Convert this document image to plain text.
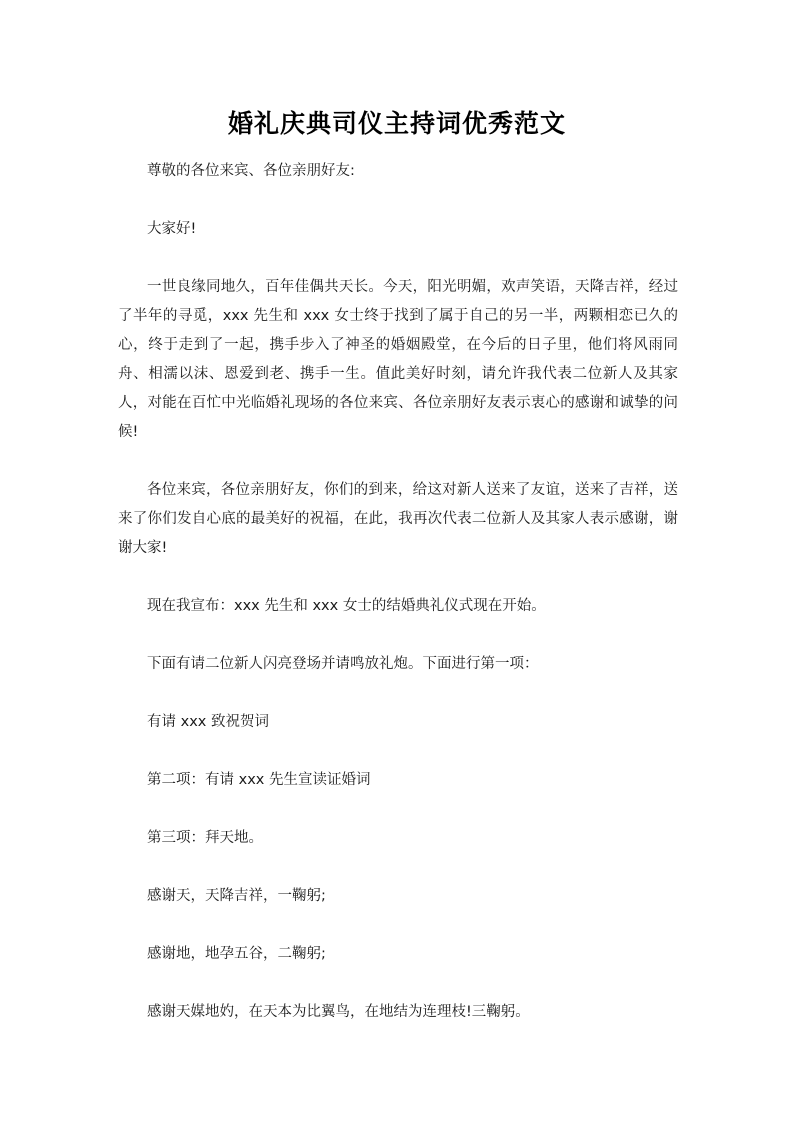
婚礼庆典司仪主持词优秀范文

尊敬的各位来宾、各位亲朋好友:

大家好!

一世良缘同地久，百年佳偶共天长。今天，阳光明媚，欢声笑语，天降吉祥，经过了半年的寻觅，xxx 先生和 xxx 女士终于找到了属于自己的另一半，两颗相恋已久的心，终于走到了一起，携手步入了神圣的婚姻殿堂，在今后的日子里，他们将风雨同舟、相濡以沫、恩爱到老、携手一生。值此美好时刻，请允许我代表二位新人及其家人，对能在百忙中光临婚礼现场的各位来宾、各位亲朋好友表示衷心的感谢和诚挚的问候!

各位来宾，各位亲朋好友，你们的到来，给这对新人送来了友谊，送来了吉祥，送来了你们发自心底的最美好的祝福，在此，我再次代表二位新人及其家人表示感谢，谢谢大家!

现在我宣布：xxx 先生和 xxx 女士的结婚典礼仪式现在开始。

下面有请二位新人闪亮登场并请鸣放礼炮。下面进行第一项：

有请 xxx 致祝贺词

第二项：有请 xxx 先生宣读证婚词

第三项：拜天地。

感谢天，天降吉祥，一鞠躬;

感谢地，地孕五谷，二鞠躬;

感谢天媒地妁，在天本为比翼鸟，在地结为连理枝!三鞠躬。
